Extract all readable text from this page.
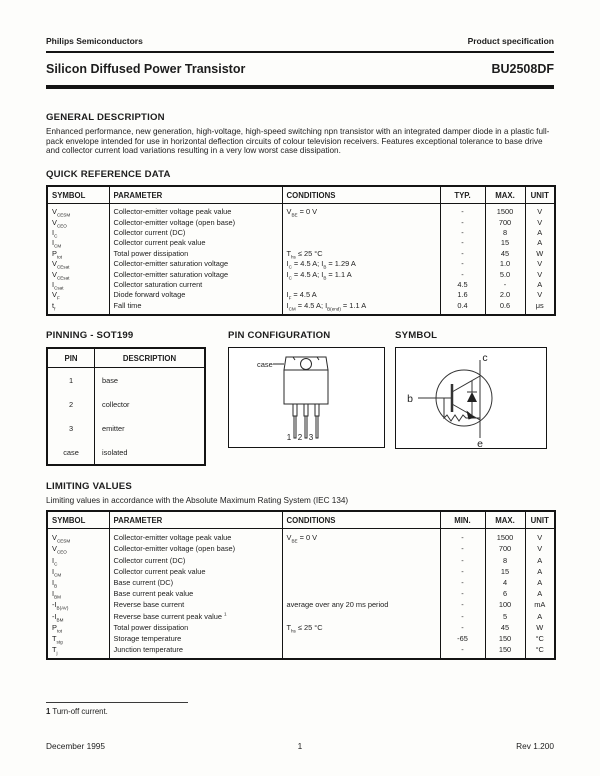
Philips Semiconductors	Product specification
Silicon Diffused Power Transistor	BU2508DF
GENERAL DESCRIPTION

Enhanced performance, new generation, high-voltage, high-speed switching npn transistor with an integrated damper diode in a plastic full-pack envelope intended for use in horizontal deflection circuits of colour television receivers. Features exceptional tolerance to base drive and collector current load variations resulting in a very low worst case dissipation.

QUICK REFERENCE DATA
SYMBOL	PARAMETER	CONDITIONS	TYP.	MAX.	UNIT
$V_{CESM}$	Collector-emitter voltage peak value	$V_{BE} = 0$ V	-	1500	V
$V_{CEO}$	Collector-emitter voltage (open base)		-	700	V
$I_C$	Collector current (DC)		-	8	A
$I_{CM}$	Collector current peak value		-	15	A
$P_{tot}$	Total power dissipation	$T_{hs} \le 25$ °C	-	45	W
$V_{CEsat}$	Collector-emitter saturation voltage	$I_C = 4.5$ A; $I_B = 1.29$ A	-	1.0	V
$V_{CEsat}$	Collector-emitter saturation voltage	$I_C = 4.5$ A; $I_B = 1.1$ A	-	5.0	V
$I_{Csat}$	Collector saturation current		4.5	-	A
$V_F$	Diode forward voltage	$I_F = 4.5$ A	1.6	2.0	V
$t_f$	Fall time	$I_{CM} = 4.5$ A; $I_{B(end)} = 1.1$ A	0.4	0.6	μs
PINNING - SOT199
PIN	DESCRIPTION
1	base
2	collector
3	emitter
case	isolated
PIN CONFIGURATION
case
1 2 3
SYMBOL
c
b
e
LIMITING VALUES

Limiting values in accordance with the Absolute Maximum Rating System (IEC 134)

SYMBOL	PARAMETER	CONDITIONS	MIN.	MAX.	UNIT
$V_{CESM}$	Collector-emitter voltage peak value	$V_{BE} = 0$ V	-	1500	V
$V_{CEO}$	Collector-emitter voltage (open base)		-	700	V
$I_C$	Collector current (DC)		-	8	A
$I_{CM}$	Collector current peak value		-	15	A
$I_B$	Base current (DC)		-	4	A
$I_{BM}$	Base current peak value		-	6	A
$-I_{B(AV)}$	Reverse base current	average over any 20 ms period	-	100	mA
$-I_{BM}$	Reverse base current peak value $^1$		-	5	A
$P_{tot}$	Total power dissipation	$T_{hs} \le 25$ °C	-	45	W
$T_{stg}$	Storage temperature		-65	150	°C
$T_j$	Junction temperature		-	150	°C
1 Turn-off current.
December 1995	1	Rev 1.200
